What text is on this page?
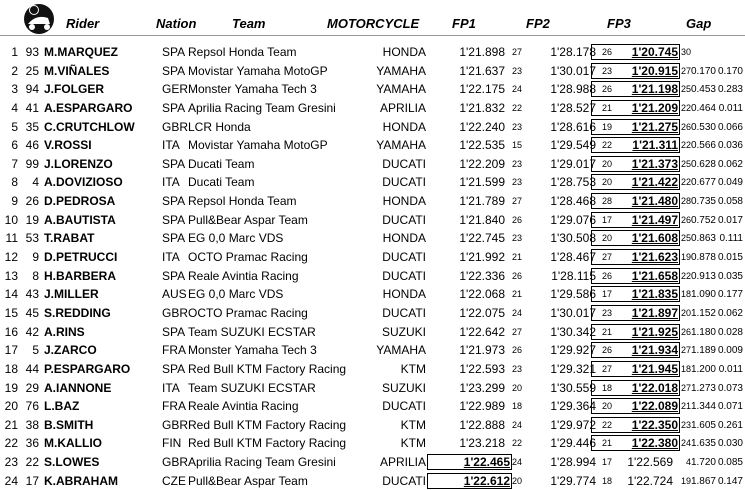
Rider	Nation	Team	MOTORCYCLE	FP1	FP2	FP3	Gap
1 93 M.MARQUEZ	SPA Repsol Honda Team	HONDA	1'21.898 27	1'28.178 26	1'20.745 30
2 25 M.VIÑALES	SPA Movistar Yamaha MotoGP	YAMAHA	1'21.637 23	1'30.017 23	1'20.915 27 0.170 0.170
3 94 J.FOLGER	GER Monster Yamaha Tech 3	YAMAHA	1'22.175 24	1'28.988 26	1'21.198 25 0.453 0.283
4 41 A.ESPARGARO SPA Aprilia Racing Team Gresini	APRILIA	1'21.832 22	1'28.527 21	1'21.209 22 0.464 0.011
5 35 C.CRUTCHLOW GBR LCR Honda	HONDA	1'22.240 23	1'28.616 19	1'21.275 26 0.530 0.066
6 46 V.ROSSI	ITA Movistar Yamaha MotoGP	YAMAHA	1'22.535 15	1'29.549 22	1'21.311 22 0.566 0.036
7 99 J.LORENZO	SPA Ducati Team	DUCATI	1'22.209 23	1'29.017 20	1'21.373 25 0.628 0.062
8	4 A.DOVIZIOSO	ITA Ducati Team	DUCATI	1'21.599 23	1'28.753 20	1'21.422 22 0.677 0.049
9 26 D.PEDROSA	SPA Repsol Honda Team	HONDA	1'21.789 27	1'28.468 28	1'21.480 28 0.735 0.058
10 19 A.BAUTISTA	SPA Pull&Bear Aspar Team	DUCATI	1'21.840 26	1'29.076 17	1'21.497 26 0.752 0.017
11 53 T.RABAT	SPA EG 0,0 Marc VDS	HONDA	1'22.745 23	1'30.508 20	1'21.608 25 0.863 0.111
12	9 D.PETRUCCI	ITA OCTO Pramac Racing	DUCATI	1'21.992 21	1'28.467 27	1'21.623 19 0.878 0.015
13	8 H.BARBERA	SPA Reale Avintia Racing	DUCATI	1'22.336 26	1'28.115 26	1'21.658 22 0.913 0.035
14 43 J.MILLER	AUS EG 0,0 Marc VDS	HONDA	1'22.068 21	1'29.586 17	1'21.835 18 1.090 0.177
15 45 S.REDDING	GBR OCTO Pramac Racing	DUCATI	1'22.075 24	1'30.017 23	1'21.897 20 1.152 0.062
16 42 A.RINS	SPA Team SUZUKI ECSTAR	SUZUKI	1'22.642 27	1'30.342 21	1'21.925 26 1.180 0.028
17	5 J.ZARCO	FRA Monster Yamaha Tech 3	YAMAHA	1'21.973 26	1'29.927 26	1'21.934 27 1.189 0.009
18 44 P.ESPARGARO	SPA Red Bull KTM Factory Racing	KTM	1'22.593 23	1'29.321 27	1'21.945 18 1.200 0.011
19 29 A.IANNONE	ITA Team SUZUKI ECSTAR	SUZUKI	1'23.299 20	1'30.559 18	1'22.018 27 1.273 0.073
20 76 L.BAZ	FRA Reale Avintia Racing	DUCATI	1'22.989 18	1'29.364 20	1'22.089 21 1.344 0.071
21 38 B.SMITH	GBR Red Bull KTM Factory Racing	KTM	1'22.888 24	1'29.972 22	1'22.350 23 1.605 0.261
22 36 M.KALLIO	FIN Red Bull KTM Factory Racing	KTM	1'23.218 22	1'29.446 21	1'22.380 24 1.635 0.030
23 22 S.LOWES	GBR Aprilia Racing Team Gresini	APRILIA	1'22.465 24	1'28.994 17	1'22.569	4 1.720 0.085
24 17 K.ABRAHAM	CZE Pull&Bear Aspar Team	DUCATI	1'22.612 20	1'29.774 18	1'22.724 19 1.867 0.147
